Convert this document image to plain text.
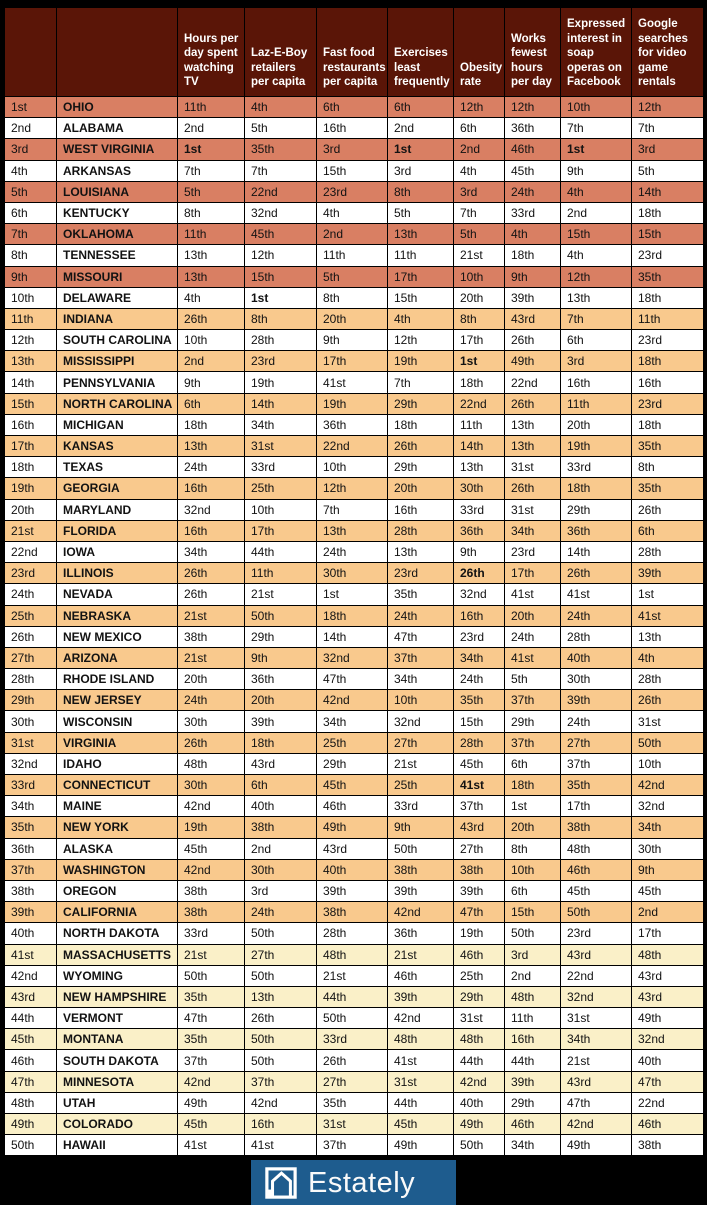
		Hours per day spent watching TV	Laz-E-Boy retailers per capita	Fast food restaurants per capita	Exercises least frequently	Obesity rate	Works fewest hours per day	Expressed interest in soap operas on Facebook	Google searches for video game rentals
1st	OHIO	11th	4th	6th	6th	12th	12th	10th	12th
2nd	ALABAMA	2nd	5th	16th	2nd	6th	36th	7th	7th
3rd	WEST VIRGINIA	1st	35th	3rd	1st	2nd	46th	1st	3rd
4th	ARKANSAS	7th	7th	15th	3rd	4th	45th	9th	5th
5th	LOUISIANA	5th	22nd	23rd	8th	3rd	24th	4th	14th
6th	KENTUCKY	8th	32nd	4th	5th	7th	33rd	2nd	18th
7th	OKLAHOMA	11th	45th	2nd	13th	5th	4th	15th	15th
8th	TENNESSEE	13th	12th	11th	11th	21st	18th	4th	23rd
9th	MISSOURI	13th	15th	5th	17th	10th	9th	12th	35th
10th	DELAWARE	4th	1st	8th	15th	20th	39th	13th	18th
11th	INDIANA	26th	8th	20th	4th	8th	43rd	7th	11th
12th	SOUTH CAROLINA	10th	28th	9th	12th	17th	26th	6th	23rd
13th	MISSISSIPPI	2nd	23rd	17th	19th	1st	49th	3rd	18th
14th	PENNSYLVANIA	9th	19th	41st	7th	18th	22nd	16th	16th
15th	NORTH CAROLINA	6th	14th	19th	29th	22nd	26th	11th	23rd
16th	MICHIGAN	18th	34th	36th	18th	11th	13th	20th	18th
17th	KANSAS	13th	31st	22nd	26th	14th	13th	19th	35th
18th	TEXAS	24th	33rd	10th	29th	13th	31st	33rd	8th
19th	GEORGIA	16th	25th	12th	20th	30th	26th	18th	35th
20th	MARYLAND	32nd	10th	7th	16th	33rd	31st	29th	26th
21st	FLORIDA	16th	17th	13th	28th	36th	34th	36th	6th
22nd	IOWA	34th	44th	24th	13th	9th	23rd	14th	28th
23rd	ILLINOIS	26th	11th	30th	23rd	26th	17th	26th	39th
24th	NEVADA	26th	21st	1st	35th	32nd	41st	41st	1st
25th	NEBRASKA	21st	50th	18th	24th	16th	20th	24th	41st
26th	NEW MEXICO	38th	29th	14th	47th	23rd	24th	28th	13th
27th	ARIZONA	21st	9th	32nd	37th	34th	41st	40th	4th
28th	RHODE ISLAND	20th	36th	47th	34th	24th	5th	30th	28th
29th	NEW JERSEY	24th	20th	42nd	10th	35th	37th	39th	26th
30th	WISCONSIN	30th	39th	34th	32nd	15th	29th	24th	31st
31st	VIRGINIA	26th	18th	25th	27th	28th	37th	27th	50th
32nd	IDAHO	48th	43rd	29th	21st	45th	6th	37th	10th
33rd	CONNECTICUT	30th	6th	45th	25th	41st	18th	35th	42nd
34th	MAINE	42nd	40th	46th	33rd	37th	1st	17th	32nd
35th	NEW YORK	19th	38th	49th	9th	43rd	20th	38th	34th
36th	ALASKA	45th	2nd	43rd	50th	27th	8th	48th	30th
37th	WASHINGTON	42nd	30th	40th	38th	38th	10th	46th	9th
38th	OREGON	38th	3rd	39th	39th	39th	6th	45th	45th
39th	CALIFORNIA	38th	24th	38th	42nd	47th	15th	50th	2nd
40th	NORTH DAKOTA	33rd	50th	28th	36th	19th	50th	23rd	17th
41st	MASSACHUSETTS	21st	27th	48th	21st	46th	3rd	43rd	48th
42nd	WYOMING	50th	50th	21st	46th	25th	2nd	22nd	43rd
43rd	NEW HAMPSHIRE	35th	13th	44th	39th	29th	48th	32nd	43rd
44th	VERMONT	47th	26th	50th	42nd	31st	11th	31st	49th
45th	MONTANA	35th	50th	33rd	48th	48th	16th	34th	32nd
46th	SOUTH DAKOTA	37th	50th	26th	41st	44th	44th	21st	40th
47th	MINNESOTA	42nd	37th	27th	31st	42nd	39th	43rd	47th
48th	UTAH	49th	42nd	35th	44th	40th	29th	47th	22nd
49th	COLORADO	45th	16th	31st	45th	49th	46th	42nd	46th
50th	HAWAII	41st	41st	37th	49th	50th	34th	49th	38th
Estately
